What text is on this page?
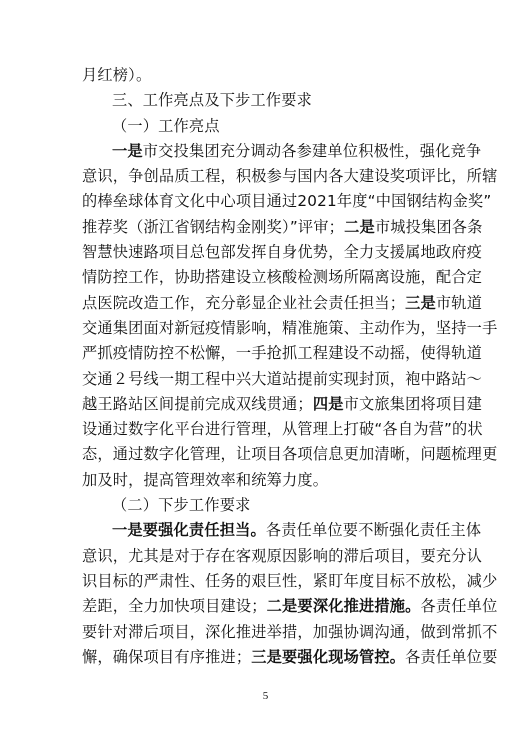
月红榜）。
三、工作亮点及下步工作要求
（一）工作亮点
一是市交投集团充分调动各参建单位积极性，强化竞争
意识，争创品质工程，积极参与国内各大建设奖项评比，所辖
的棒垒球体育文化中心项目通过2021年度“中国钢结构金奖”
推荐奖（浙江省钢结构金刚奖）”评审；二是市城投集团各条
智慧快速路项目总包部发挥自身优势，全力支援属地政府疫
情防控工作，协助搭建设立核酸检测场所隔离设施，配合定
点医院改造工作，充分彰显企业社会责任担当；三是市轨道
交通集团面对新冠疫情影响，精准施策、主动作为，坚持一手
严抓疫情防控不松懈，一手抢抓工程建设不动摇，使得轨道
交通２号线一期工程中兴大道站提前实现封顶，袍中路站～
越王路站区间提前完成双线贯通；四是市文旅集团将项目建
设通过数字化平台进行管理，从管理上打破“各自为营”的状
态，通过数字化管理，让项目各项信息更加清晰，问题梳理更
加及时，提高管理效率和统筹力度。
（二）下步工作要求
一是要强化责任担当。各责任单位要不断强化责任主体
意识，尤其是对于存在客观原因影响的滞后项目，要充分认
识目标的严肃性、任务的艰巨性，紧盯年度目标不放松，减少
差距，全力加快项目建设；二是要深化推进措施。各责任单位
要针对滞后项目，深化推进举措，加强协调沟通，做到常抓不
懈，确保项目有序推进；三是要强化现场管控。各责任单位要
5
